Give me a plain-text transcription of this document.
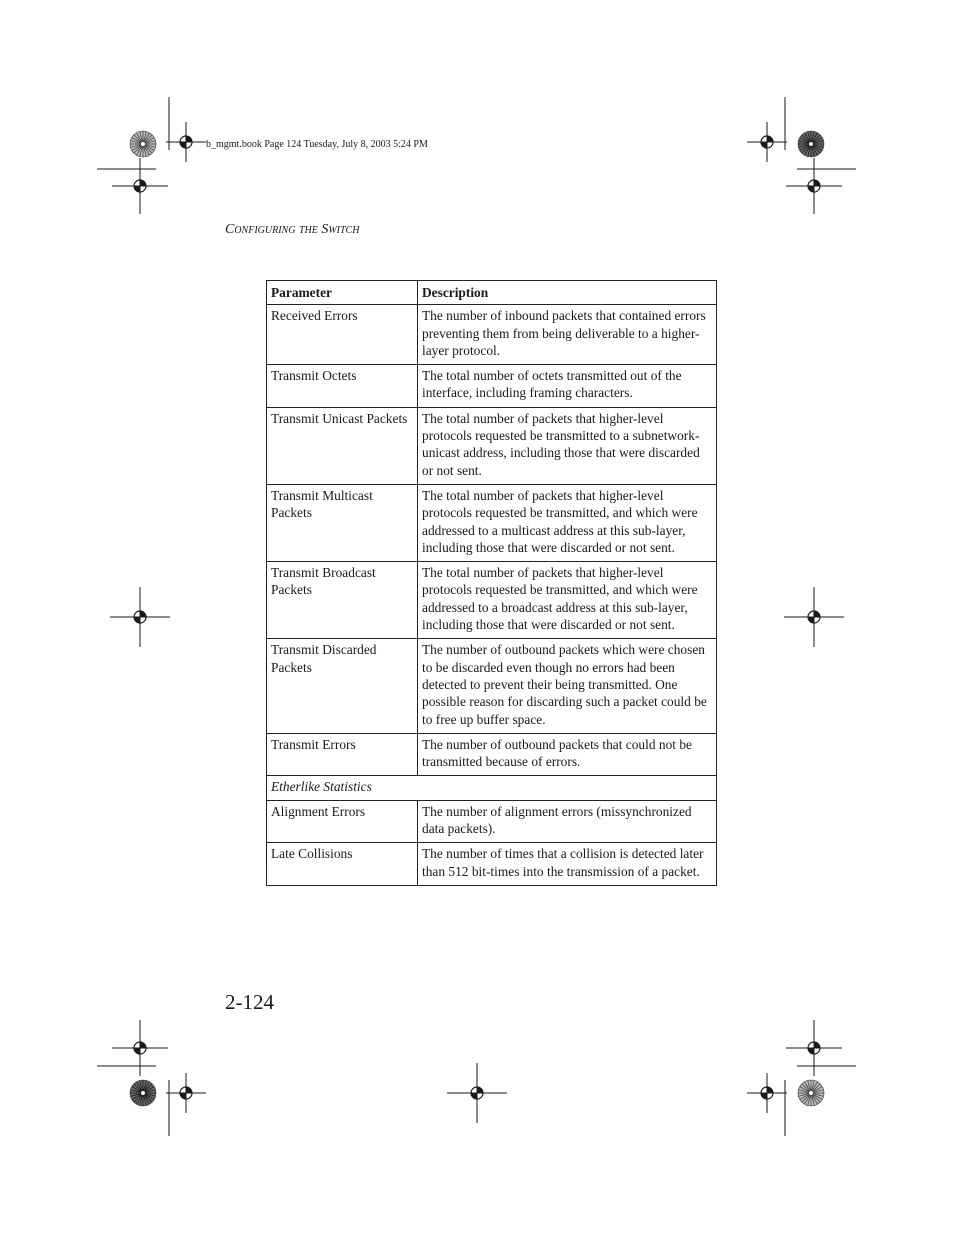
b_mgmt.book Page 124 Tuesday, July 8, 2003 5:24 PM
Configuring the Switch
Parameter	Description
Received Errors	The number of inbound packets that contained errors preventing them from being deliverable to a higher-layer protocol.
Transmit Octets	The total number of octets transmitted out of the interface, including framing characters.
Transmit Unicast Packets	The total number of packets that higher-level protocols requested be transmitted to a subnetwork-unicast address, including those that were discarded or not sent.
Transmit Multicast Packets	The total number of packets that higher-level protocols requested be transmitted, and which were addressed to a multicast address at this sub-layer, including those that were discarded or not sent.
Transmit Broadcast Packets	The total number of packets that higher-level protocols requested be transmitted, and which were addressed to a broadcast address at this sub-layer, including those that were discarded or not sent.
Transmit Discarded Packets	The number of outbound packets which were chosen to be discarded even though no errors had been detected to prevent their being transmitted. One possible reason for discarding such a packet could be to free up buffer space.
Transmit Errors	The number of outbound packets that could not be transmitted because of errors.
Etherlike Statistics	
Alignment Errors	The number of alignment errors (missynchronized data packets).
Late Collisions	The number of times that a collision is detected later than 512 bit-times into the transmission of a packet.
2-124
